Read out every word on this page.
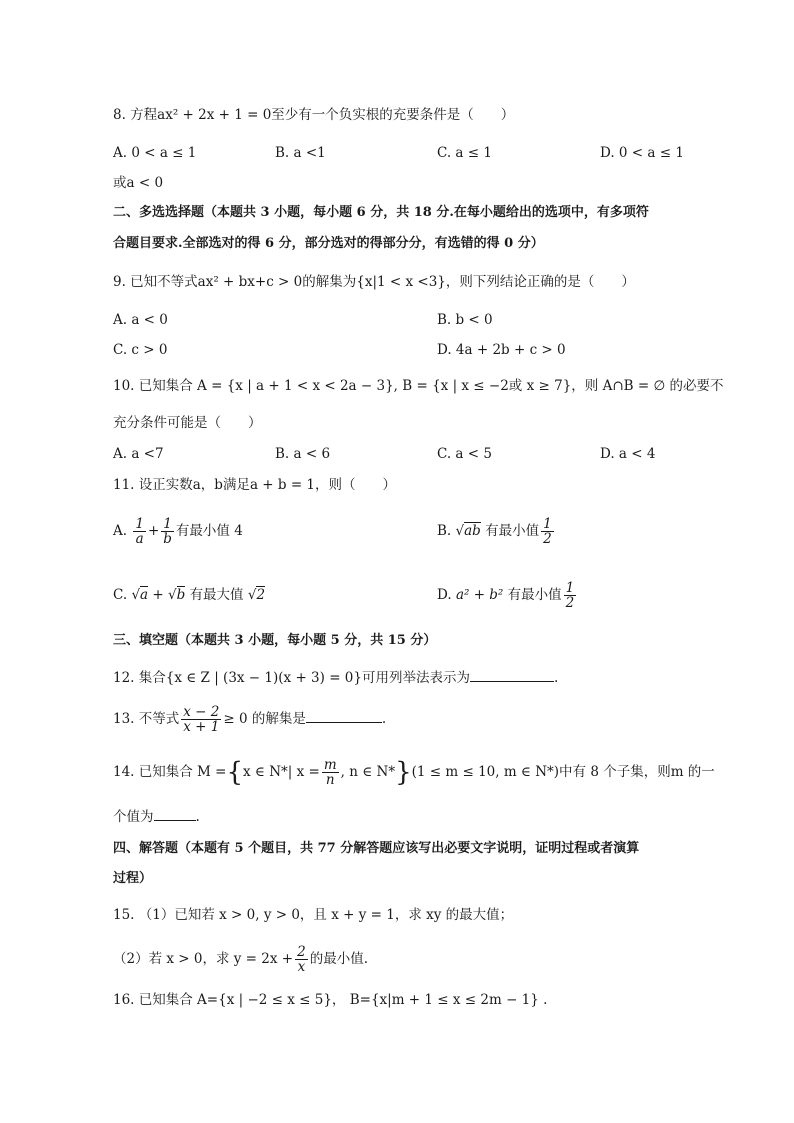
8. 方程ax² + 2x + 1 = 0至少有一个负实根的充要条件是（　　）
A. 0 < a ≤ 1	B. a <1	C. a ≤ 1	D. 0 < a ≤ 1
或a < 0
二、多选选择题（本题共 3 小题，每小题 6 分，共 18 分.在每小题给出的选项中，有多项符
合题目要求.全部选对的得 6 分，部分选对的得部分分，有选错的得 0 分）
9. 已知不等式ax² + bx+c > 0的解集为{x|1 < x <3}，则下列结论正确的是（　　）
A. a < 0	B. b < 0
C. c > 0	D. 4a + 2b + c > 0
10. 已知集合 A = {x | a + 1 < x < 2a − 3}, B = {x | x ≤ −2或 x ≥ 7}，则 A∩B = ∅ 的必要不
充分条件可能是（　　）
A. a <7	B. a < 6	C. a < 5	D. a < 4
11. 设正实数a，b满足a + b = 1，则（　　）
A. $\frac{1}{a} + \frac{1}{b}$ 有最小值 4	B. √ab 有最小值 $\frac{1}{2}$
C. √a + √b 有最大值 √2	D. a² + b² 有最小值 $\frac{1}{2}$
三、填空题（本题共 3 小题，每小题 5 分，共 15 分）
12. 集合{x ∈ Z | (3x − 1)(x + 3) = 0}可用列举法表示为	.
13. 不等式 $\frac{x - 2}{x + 1} \ge 0$ 的解集是	.
14. 已知集合 M ={x ∈ N*| $x = \frac{m}{n}$ , n ∈ N*}(1 ≤ m ≤ 10, m ∈ N*)中有 8 个子集，则m 的一
个值为	.
四、解答题（本题有 5 个题目，共 77 分解答题应该写出必要文字说明，证明过程或者演算
过程）
15. （1）已知若 x > 0, y > 0，且 x + y = 1，求 xy 的最大值；
（2）若 x > 0，求 $y = 2x + \frac{2}{x}$ 的最小值.
16. 已知集合 A={x | −2 ≤ x ≤ 5}， B={x|m + 1 ≤ x ≤ 2m − 1} .
